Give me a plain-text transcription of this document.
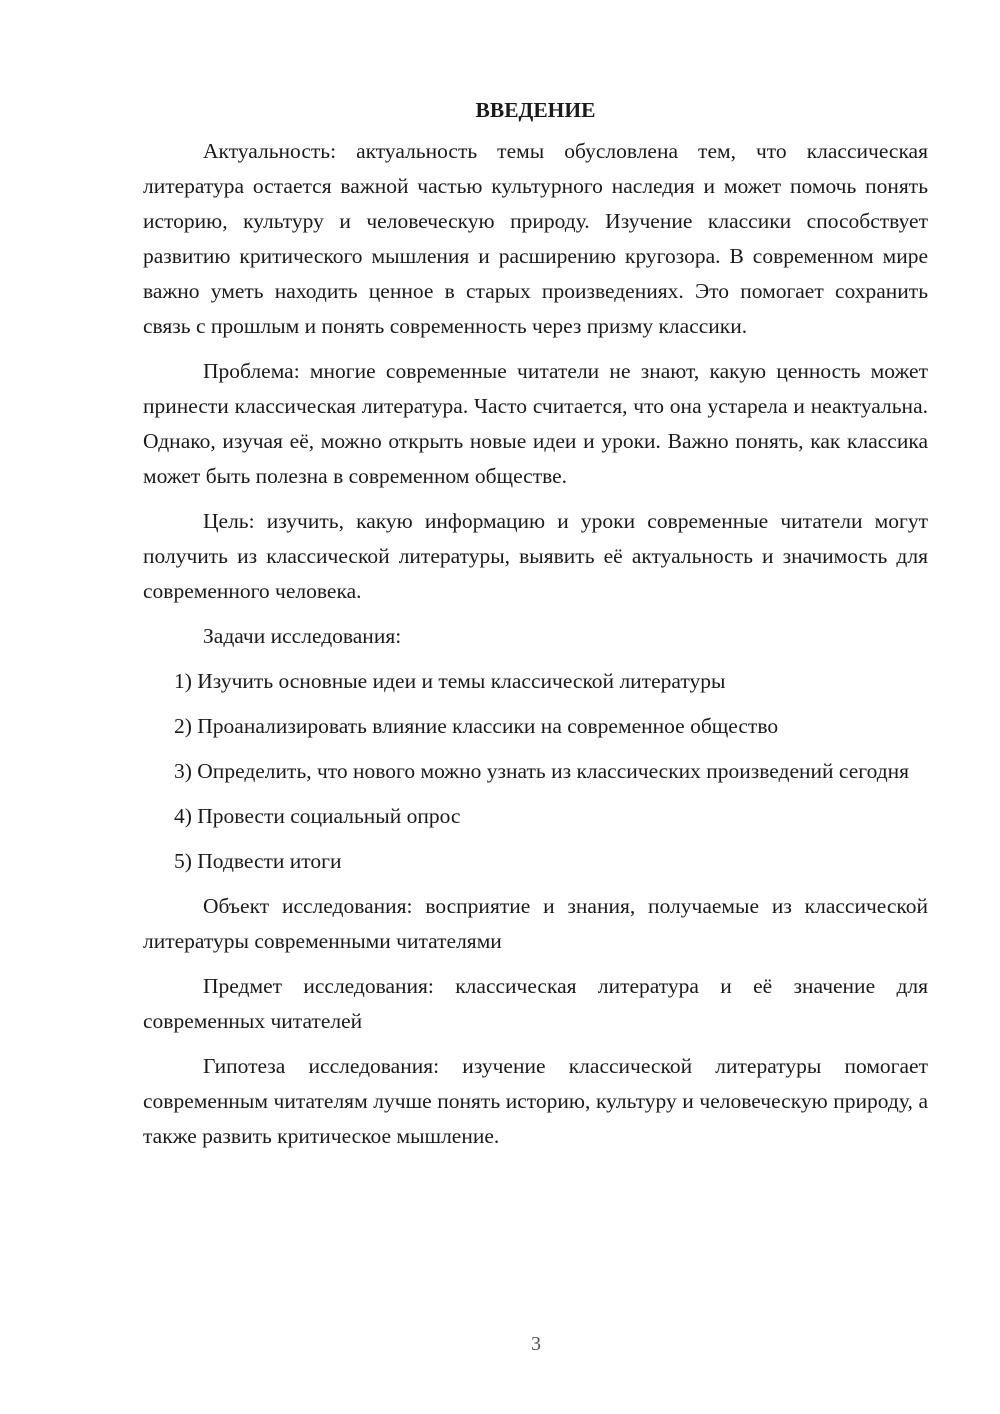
ВВЕДЕНИЕ

Актуальность: актуальность темы обусловлена тем, что классическая литература остается важной частью культурного наследия и может помочь понять историю, культуру и человеческую природу. Изучение классики способствует развитию критического мышления и расширению кругозора. В современном мире важно уметь находить ценное в старых произведениях. Это помогает сохранить связь с прошлым и понять современность через призму классики.

Проблема: многие современные читатели не знают, какую ценность может принести классическая литература. Часто считается, что она устарела и неактуальна. Однако, изучая её, можно открыть новые идеи и уроки. Важно понять, как классика может быть полезна в современном обществе.

Цель: изучить, какую информацию и уроки современные читатели могут получить из классической литературы, выявить её актуальность и значимость для современного человека.

Задачи исследования:

1) Изучить основные идеи и темы классической литературы

2) Проанализировать влияние классики на современное общество

3) Определить, что нового можно узнать из классических произведений сегодня

4) Провести социальный опрос

5) Подвести итоги

Объект исследования: восприятие и знания, получаемые из классической литературы современными читателями

Предмет исследования: классическая литература и её значение для современных читателей

Гипотеза исследования: изучение классической литературы помогает современным читателям лучше понять историю, культуру и человеческую природу, а также развить критическое мышление.

3
